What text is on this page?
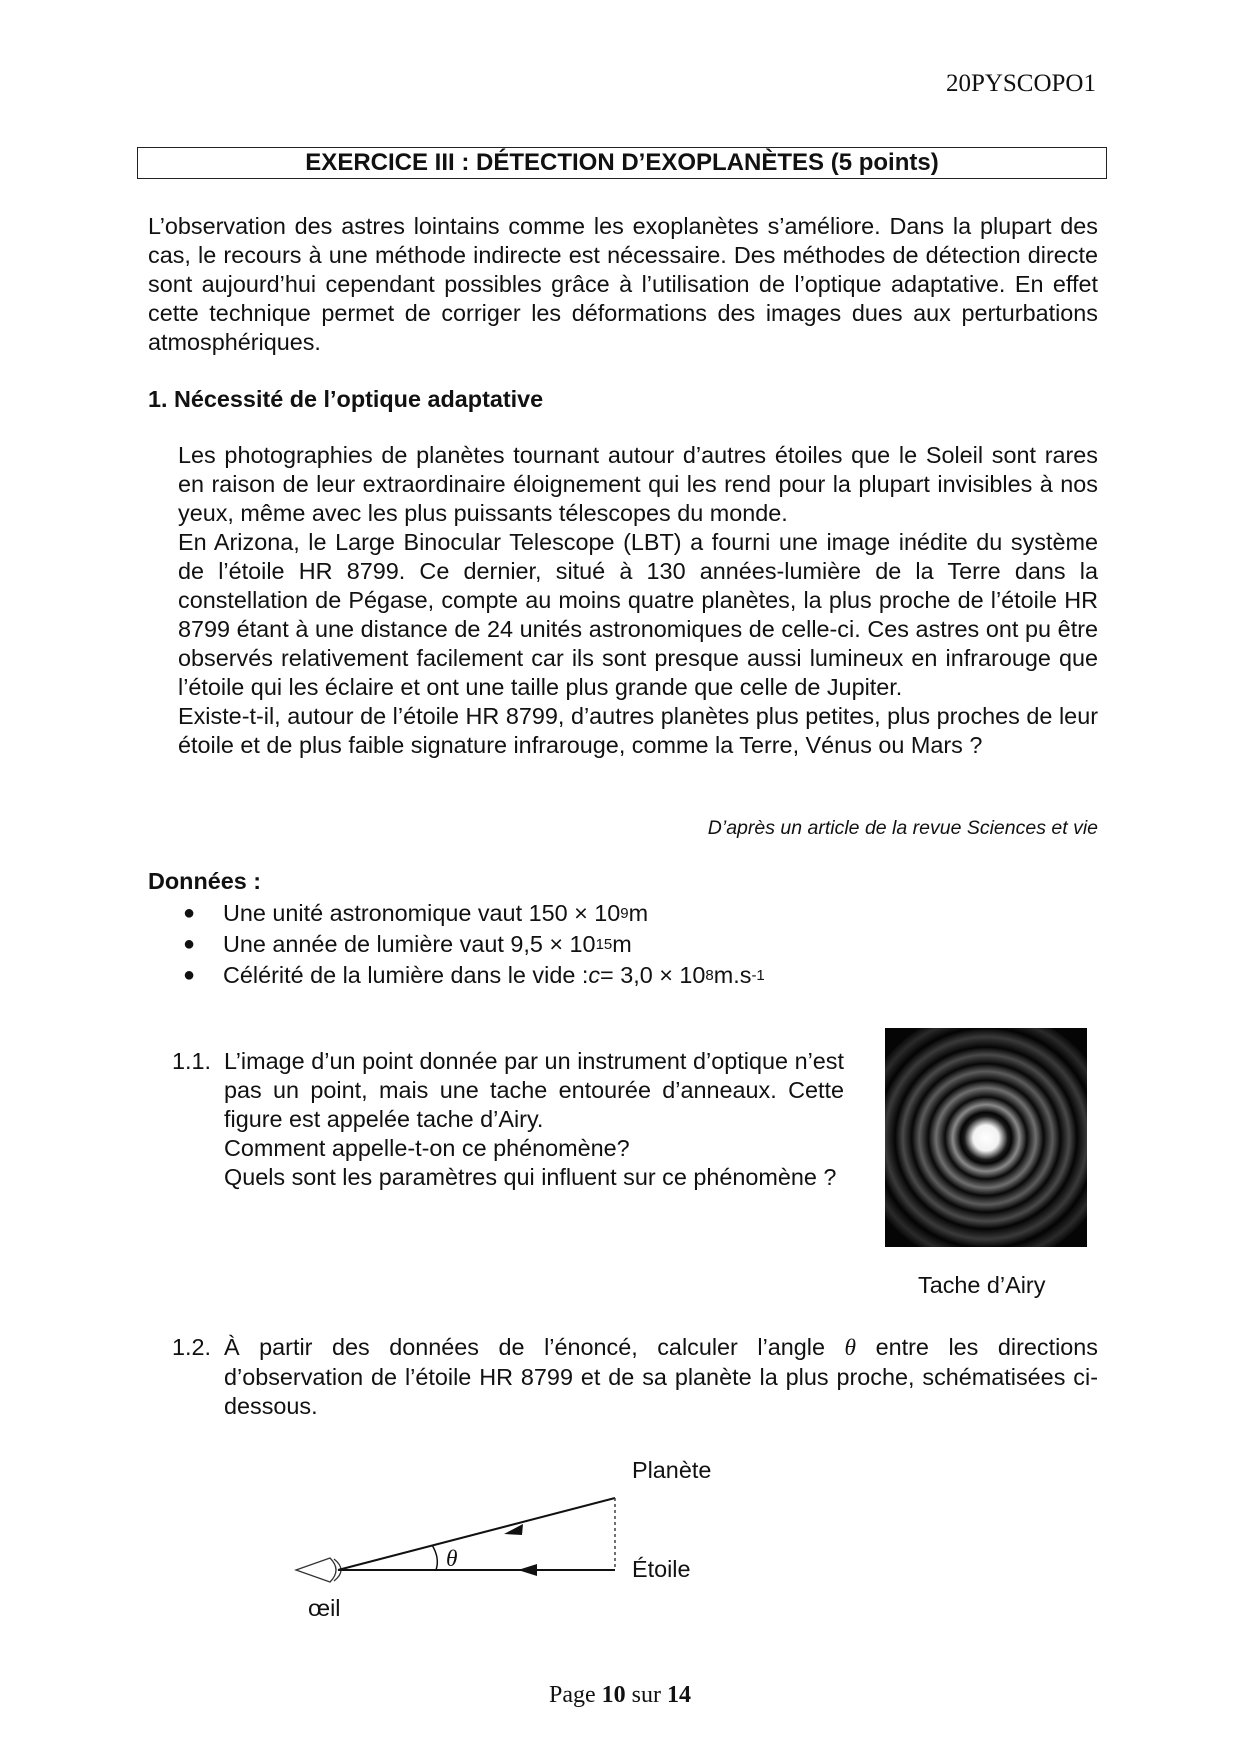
20PYSCOPO1
EXERCICE III : DÉTECTION D’EXOPLANÈTES (5 points)
L’observation des astres lointains comme les exoplanètes s’améliore. Dans la plupart des cas, le recours à une méthode indirecte est nécessaire. Des méthodes de détection directe sont aujourd’hui cependant possibles grâce à l’utilisation de l’optique adaptative. En effet cette technique permet de corriger les déformations des images dues aux perturbations atmosphériques.
1. Nécessité de l’optique adaptative

Les photographies de planètes tournant autour d’autres étoiles que le Soleil sont rares en raison de leur extraordinaire éloignement qui les rend pour la plupart invisibles à nos yeux, même avec les plus puissants télescopes du monde.

En Arizona, le Large Binocular Telescope (LBT) a fourni une image inédite du système de l’étoile HR 8799. Ce dernier, situé à 130 années-lumière de la Terre dans la constellation de Pégase, compte au moins quatre planètes, la plus proche de l’étoile HR 8799 étant à une distance de 24 unités astronomiques de celle-ci. Ces astres ont pu être observés relativement facilement car ils sont presque aussi lumineux en infrarouge que l’étoile qui les éclaire et ont une taille plus grande que celle de Jupiter.

Existe-t-il, autour de l’étoile HR 8799, d’autres planètes plus petites, plus proches de leur étoile et de plus faible signature infrarouge, comme la Terre, Vénus ou Mars ?

D’après un article de la revue Sciences et vie
Données :
●	Une unité astronomique vaut 150 × 10 9 m
●	Une année de lumière vaut 9,5 × 10 15 m
●	Célérité de la lumière dans le vide : c = 3,0 × 10 8 m.s -1
1.1. L’image d’un point donnée par un instrument d’optique n’est pas un point, mais une tache entourée d’anneaux. Cette figure est appelée tache d’Airy.
Comment appelle-t-on ce phénomène?
Quels sont les paramètres qui influent sur ce phénomène ?
Tache d’Airy
1.2. À partir des données de l’énoncé, calculer l’angle θ entre les directions d’observation de l’étoile HR 8799 et de sa planète la plus proche, schématisées ci-dessous.
θ
Planète
Étoile
œil
Page 10 sur 14
